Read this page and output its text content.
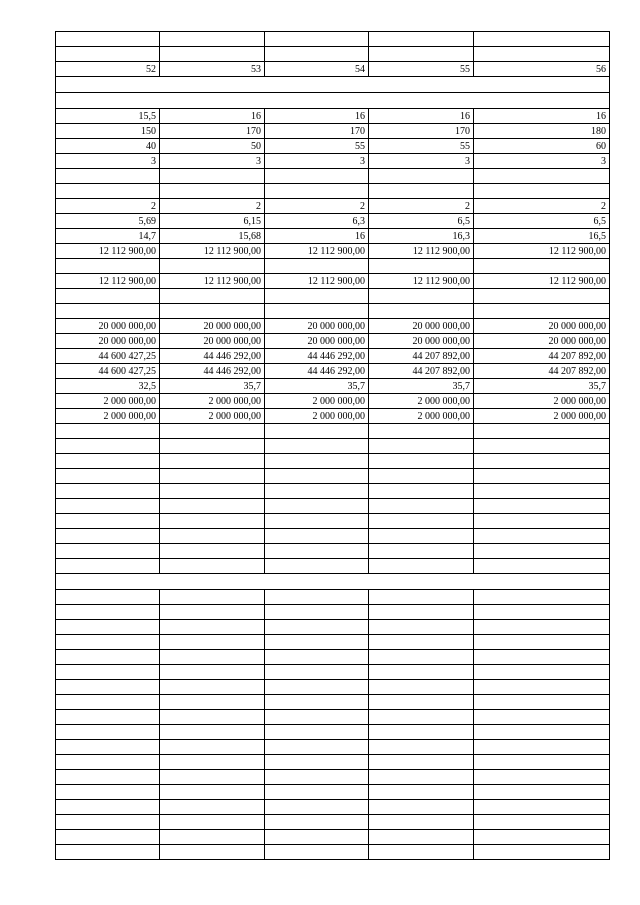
52	53	54	55	56

15,5	16	16	16	16
150	170	170	170	180
40	50	55	55	60
3	3	3	3	3

2	2	2	2	2
5,69	6,15	6,3	6,5	6,5
14,7	15,68	16	16,3	16,5
12 112 900,00	12 112 900,00	12 112 900,00	12 112 900,00	12 112 900,00

12 112 900,00	12 112 900,00	12 112 900,00	12 112 900,00	12 112 900,00

20 000 000,00	20 000 000,00	20 000 000,00	20 000 000,00	20 000 000,00
20 000 000,00	20 000 000,00	20 000 000,00	20 000 000,00	20 000 000,00
44 600 427,25	44 446 292,00	44 446 292,00	44 207 892,00	44 207 892,00
44 600 427,25	44 446 292,00	44 446 292,00	44 207 892,00	44 207 892,00
32,5	35,7	35,7	35,7	35,7
2 000 000,00	2 000 000,00	2 000 000,00	2 000 000,00	2 000 000,00
2 000 000,00	2 000 000,00	2 000 000,00	2 000 000,00	2 000 000,00
